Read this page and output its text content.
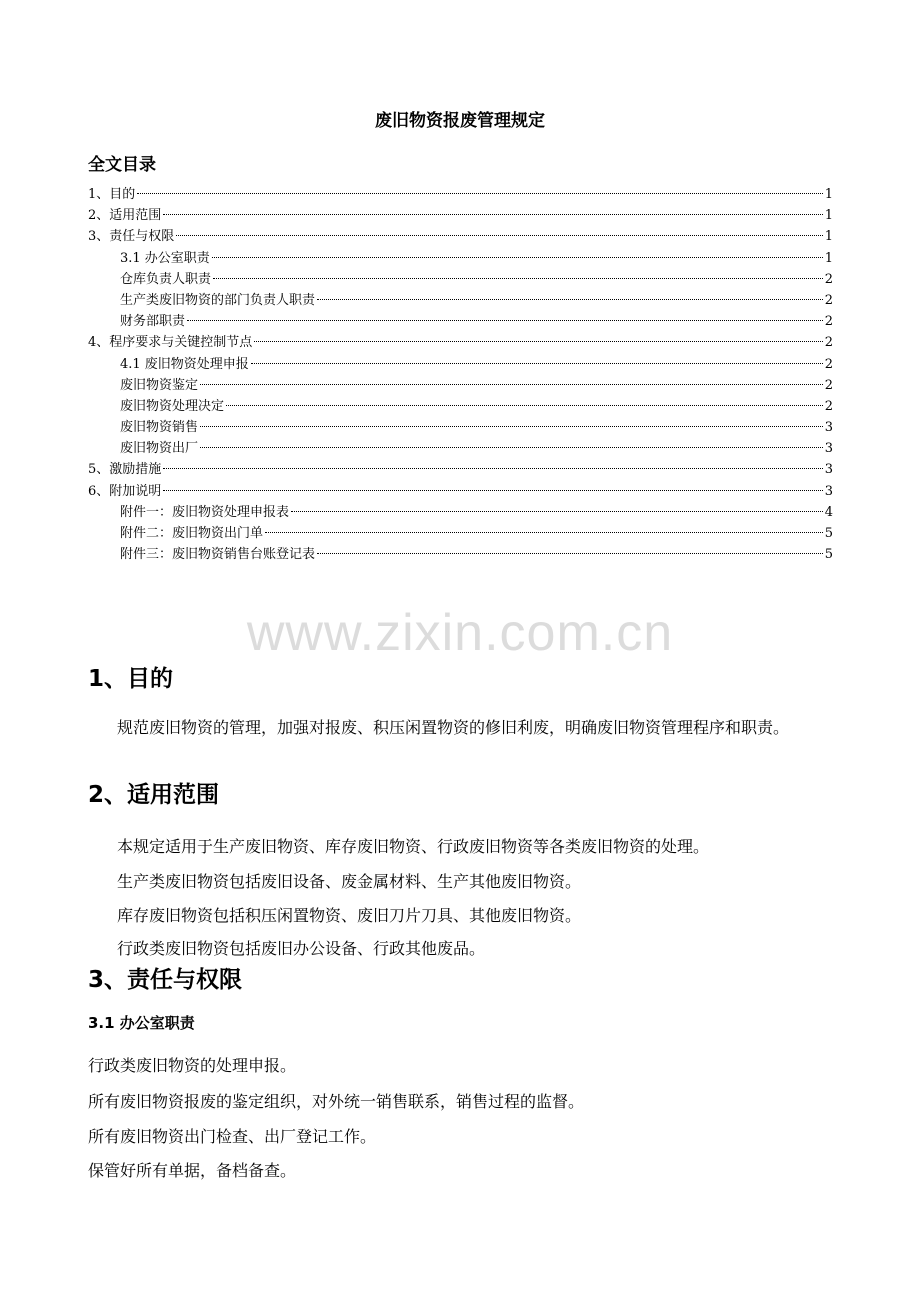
废旧物资报废管理规定
全文目录
1、目的	1
2、适用范围	1
3、责任与权限	1
3.1 办公室职责	1
仓库负责人职责	2
生产类废旧物资的部门负责人职责	2
财务部职责	2
4、程序要求与关键控制节点	2
4.1 废旧物资处理申报	2
废旧物资鉴定	2
废旧物资处理决定	2
废旧物资销售	3
废旧物资出厂	3
5、激励措施	3
6、附加说明	3
附件一：废旧物资处理申报表	4
附件二：废旧物资出门单	5
附件三：废旧物资销售台账登记表	5
www.zixin.com.cn
1、目的
规范废旧物资的管理，加强对报废、积压闲置物资的修旧利废，明确废旧物资管理程序和职责。
2、适用范围
本规定适用于生产废旧物资、库存废旧物资、行政废旧物资等各类废旧物资的处理。
生产类废旧物资包括废旧设备、废金属材料、生产其他废旧物资。
库存废旧物资包括积压闲置物资、废旧刀片刀具、其他废旧物资。
行政类废旧物资包括废旧办公设备、行政其他废品。
3、责任与权限
3.1 办公室职责
行政类废旧物资的处理申报。
所有废旧物资报废的鉴定组织，对外统一销售联系，销售过程的监督。
所有废旧物资出门检查、出厂登记工作。
保管好所有单据，备档备查。
